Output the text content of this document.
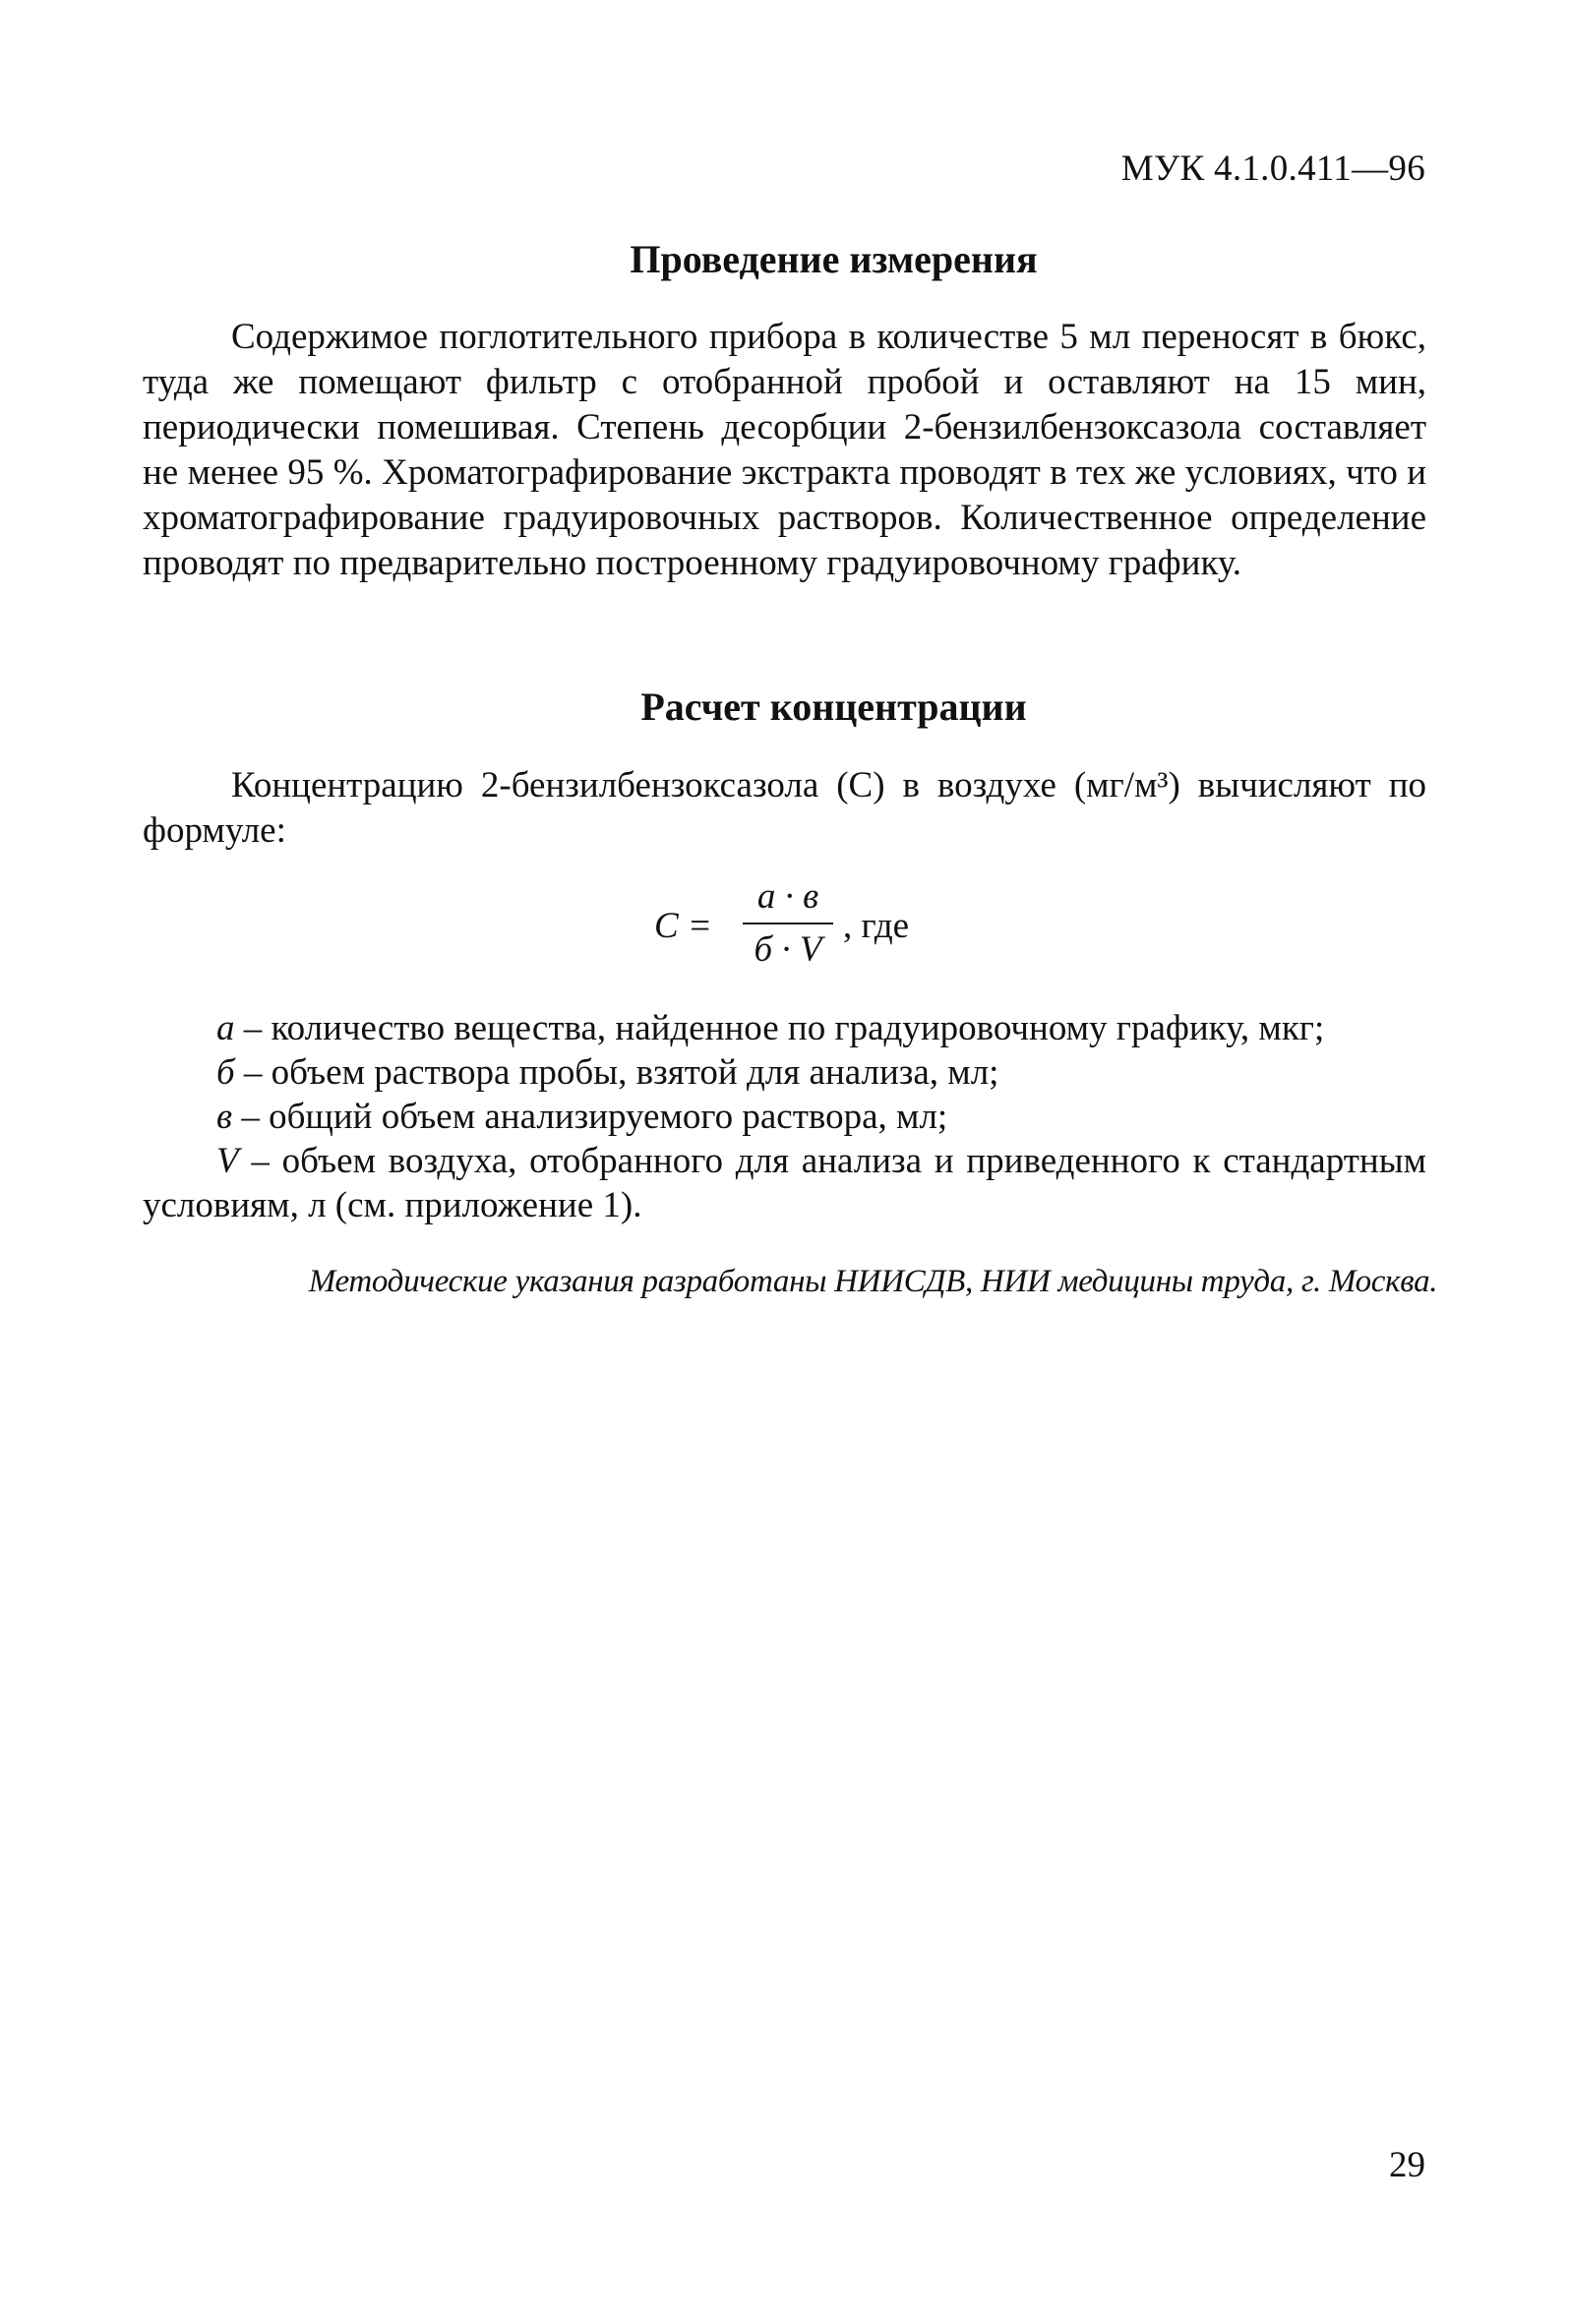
МУК 4.1.0.411—96
Проведение измерения

Содержимое поглотительного прибора в количестве 5 мл переносят в бюкс, туда же помещают фильтр с отобранной пробой и оставляют на 15 мин, периодически помешивая. Степень десорбции 2-бензилбензоксазола составляет не менее 95 %. Хроматографирование экстракта проводят в тех же условиях, что и хроматографирование градуировочных растворов. Количественное определение проводят по предварительно построенному градуировочному графику.

Расчет концентрации

Концентрацию 2-бензилбензоксазола (С) в воздухе (мг/м³) вычисляют по формуле:

С =
а · в
б · V
, где

а – количество вещества, найденное по градуировочному графику, мкг;

б – объем раствора пробы, взятой для анализа, мл;

в – общий объем анализируемого раствора, мл;

V – объем воздуха, отобранного для анализа и приведенного к стандартным условиям, л (см. приложение 1).

Методические указания разработаны НИИСДВ, НИИ медицины труда, г. Москва.
29
